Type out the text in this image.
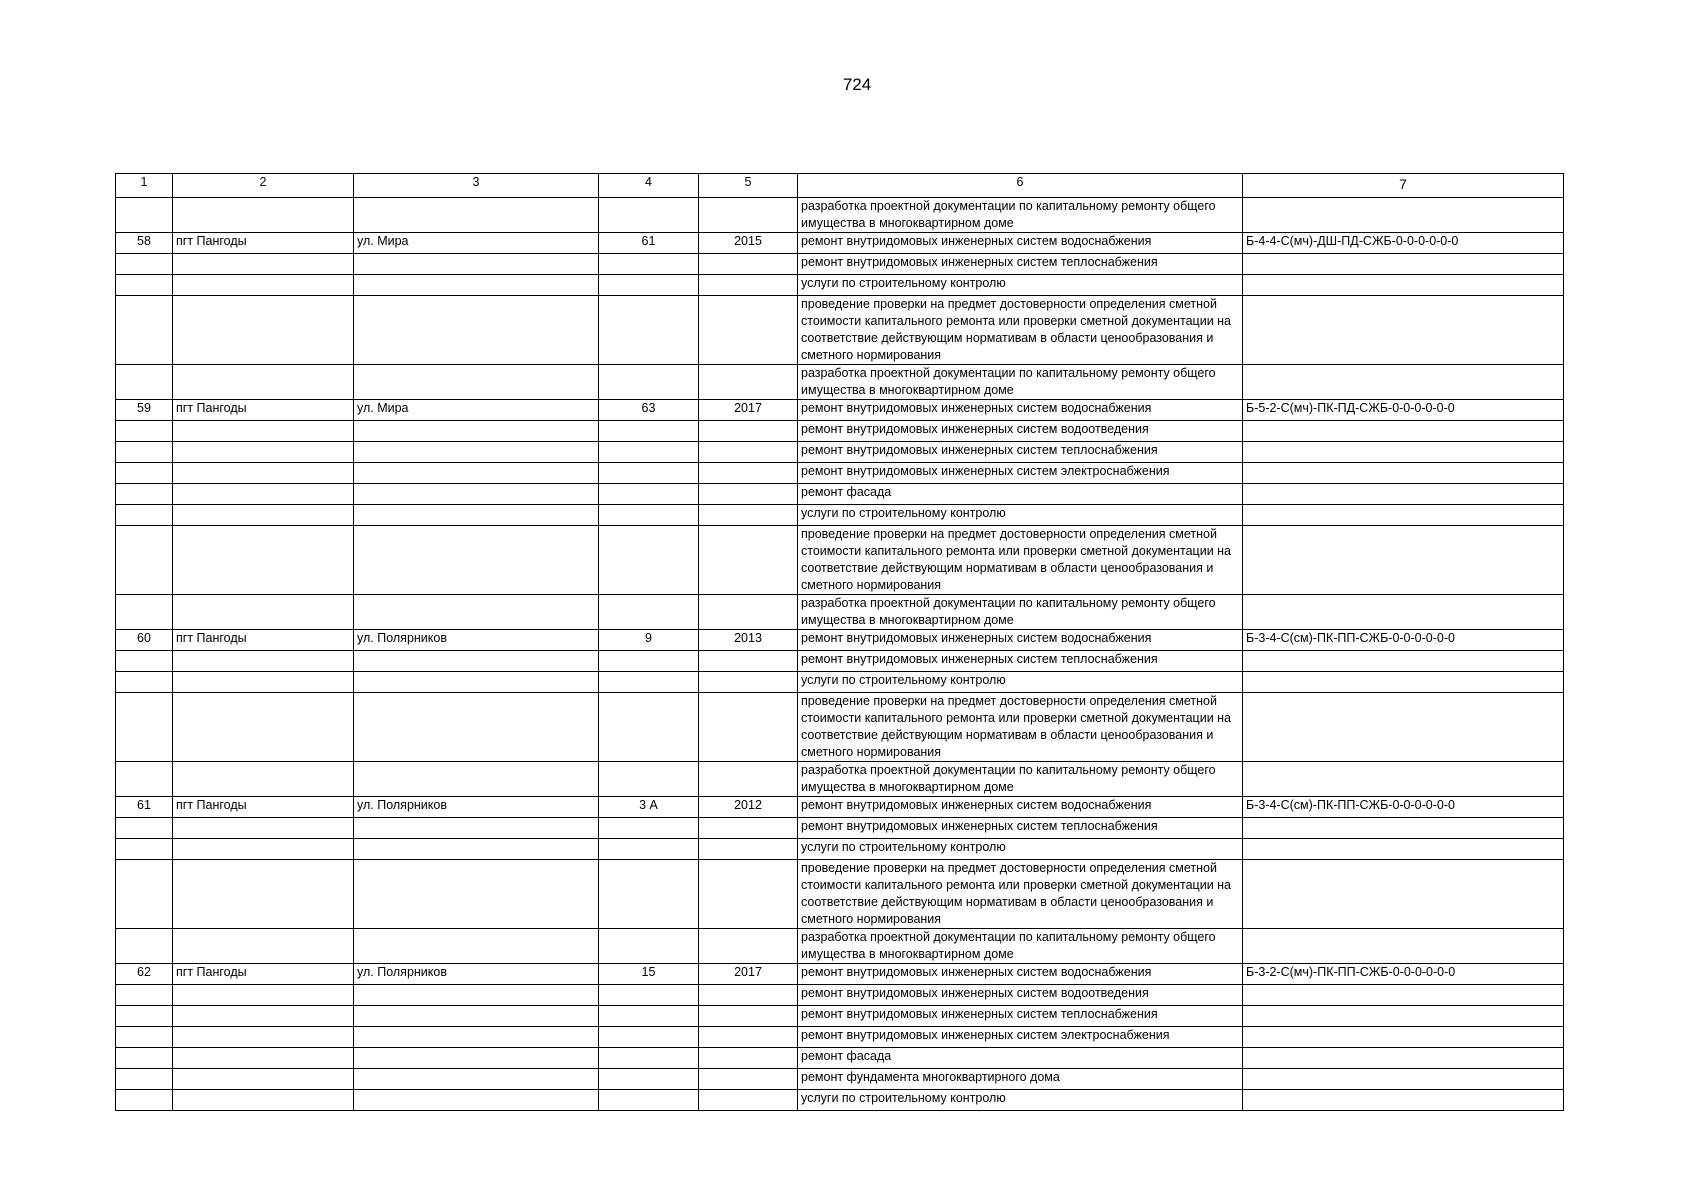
724
1	2	3	4	5	6	7
					разработка проектной документации по капитальному ремонту общего имущества в многоквартирном доме	
58	пгт Пангоды	ул. Мира	61	2015	ремонт внутридомовых инженерных систем водоснабжения	Б-4-4-С(мч)-ДШ-ПД-СЖБ-0-0-0-0-0-0
					ремонт внутридомовых инженерных систем теплоснабжения	
					услуги по строительному контролю	
					проведение проверки на предмет достоверности определения сметной стоимости капитального ремонта или проверки сметной документации на соответствие действующим нормативам в области ценообразования и сметного нормирования	
					разработка проектной документации по капитальному ремонту общего имущества в многоквартирном доме	
59	пгт Пангоды	ул. Мира	63	2017	ремонт внутридомовых инженерных систем водоснабжения	Б-5-2-С(мч)-ПК-ПД-СЖБ-0-0-0-0-0-0
					ремонт внутридомовых инженерных систем водоотведения	
					ремонт внутридомовых инженерных систем теплоснабжения	
					ремонт внутридомовых инженерных систем электроснабжения	
					ремонт фасада	
					услуги по строительному контролю	
					проведение проверки на предмет достоверности определения сметной стоимости капитального ремонта или проверки сметной документации на соответствие действующим нормативам в области ценообразования и сметного нормирования	
					разработка проектной документации по капитальному ремонту общего имущества в многоквартирном доме	
60	пгт Пангоды	ул. Полярников	9	2013	ремонт внутридомовых инженерных систем водоснабжения	Б-3-4-С(см)-ПК-ПП-СЖБ-0-0-0-0-0-0
					ремонт внутридомовых инженерных систем теплоснабжения	
					услуги по строительному контролю	
					проведение проверки на предмет достоверности определения сметной стоимости капитального ремонта или проверки сметной документации на соответствие действующим нормативам в области ценообразования и сметного нормирования	
					разработка проектной документации по капитальному ремонту общего имущества в многоквартирном доме	
61	пгт Пангоды	ул. Полярников	3 А	2012	ремонт внутридомовых инженерных систем водоснабжения	Б-3-4-С(см)-ПК-ПП-СЖБ-0-0-0-0-0-0
					ремонт внутридомовых инженерных систем теплоснабжения	
					услуги по строительному контролю	
					проведение проверки на предмет достоверности определения сметной стоимости капитального ремонта или проверки сметной документации на соответствие действующим нормативам в области ценообразования и сметного нормирования	
					разработка проектной документации по капитальному ремонту общего имущества в многоквартирном доме	
62	пгт Пангоды	ул. Полярников	15	2017	ремонт внутридомовых инженерных систем водоснабжения	Б-3-2-С(мч)-ПК-ПП-СЖБ-0-0-0-0-0-0
					ремонт внутридомовых инженерных систем водоотведения	
					ремонт внутридомовых инженерных систем теплоснабжения	
					ремонт внутридомовых инженерных систем электроснабжения	
					ремонт фасада	
					ремонт фундамента многоквартирного дома	
					услуги по строительному контролю	
